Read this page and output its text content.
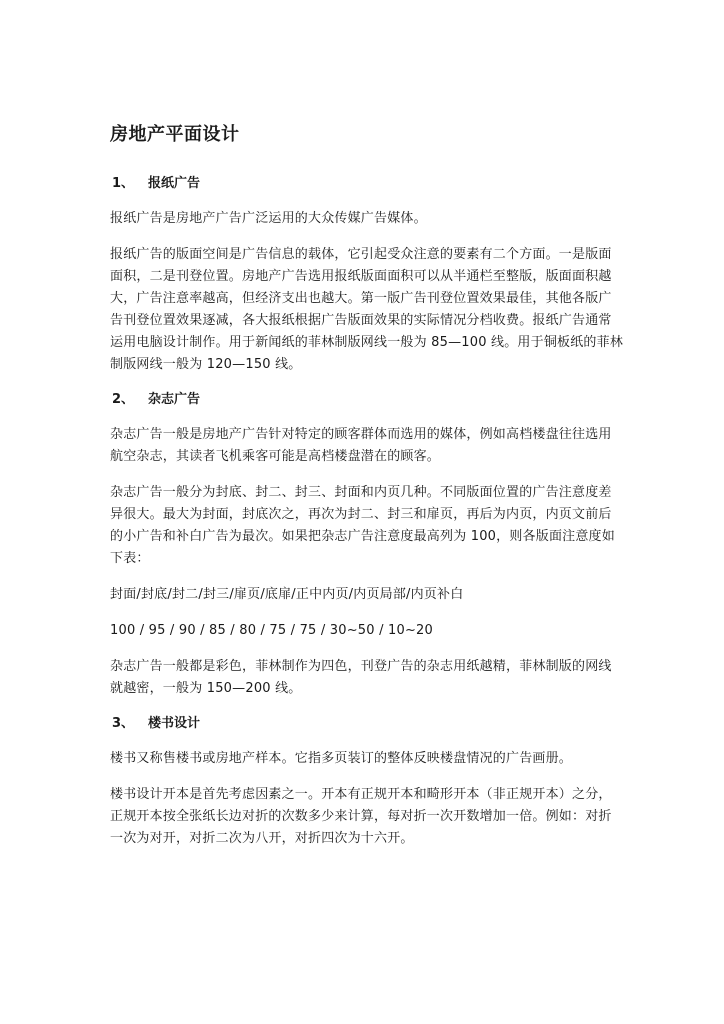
房地产平面设计
1、	报纸广告

报纸广告是房地产广告广泛运用的大众传媒广告媒体。

报纸广告的版面空间是广告信息的载体，它引起受众注意的要素有二个方面。一是版面面积，二是刊登位置。房地产广告选用报纸版面面积可以从半通栏至整版，版面面积越大，广告注意率越高，但经济支出也越大。第一版广告刊登位置效果最佳，其他各版广告刊登位置效果逐减，各大报纸根据广告版面效果的实际情况分档收费。报纸广告通常运用电脑设计制作。用于新闻纸的菲林制版网线一般为 85—100 线。用于铜板纸的菲林制版网线一般为 120—150 线。

2、	杂志广告

杂志广告一般是房地产广告针对特定的顾客群体而选用的媒体，例如高档楼盘往往选用航空杂志，其读者飞机乘客可能是高档楼盘潜在的顾客。

杂志广告一般分为封底、封二、封三、封面和内页几种。不同版面位置的广告注意度差异很大。最大为封面，封底次之，再次为封二、封三和扉页，再后为内页，内页文前后的小广告和补白广告为最次。如果把杂志广告注意度最高列为 100，则各版面注意度如下表：

封面/封底/封二/封三/扉页/底扉/正中内页/内页局部/内页补白

100 / 95 / 90 / 85 / 80 / 75 / 75 / 30~50 / 10~20

杂志广告一般都是彩色，菲林制作为四色，刊登广告的杂志用纸越精，菲林制版的网线就越密，一般为 150—200 线。

3、	楼书设计

楼书又称售楼书或房地产样本。它指多页装订的整体反映楼盘情况的广告画册。

楼书设计开本是首先考虑因素之一。开本有正规开本和畸形开本（非正规开本）之分，正规开本按全张纸长边对折的次数多少来计算，每对折一次开数增加一倍。例如：对折一次为对开，对折二次为八开，对折四次为十六开。
